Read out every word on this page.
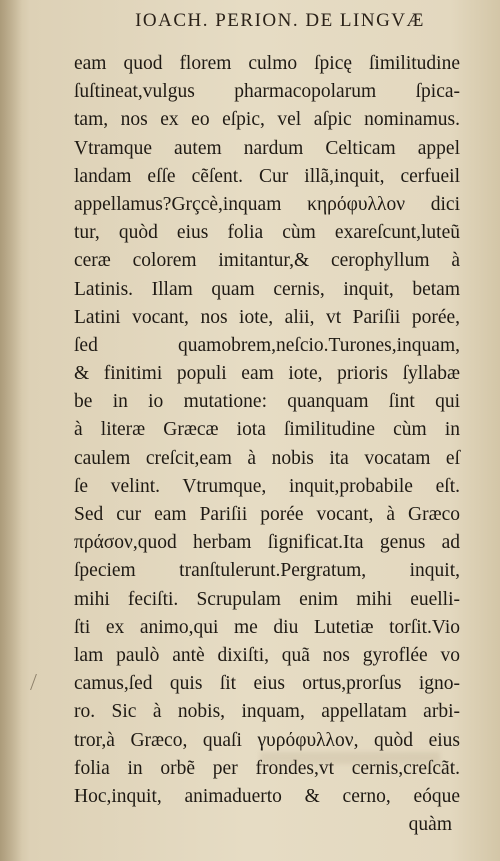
IOACH. PERION. DE LINGVÆ
eam quod florem culmo ſpicę ſimilitudine
ſuſtineat,vulgus pharmacopolarum ſpica-
tam, nos ex eo eſpic, vel aſpic nominamus.
Vtramque autem nardum Celticam appel
landam eſſe cẽſent. Cur illã,inquit, cerfueil
appellamus?Grçcè,inquam κηρόφυλλον dici
tur, quòd eius folia cùm exareſcunt,luteũ
ceræ colorem imitantur,& cerophyllum à
Latinis. Illam quam cernis, inquit, betam
Latini vocant, nos iote, alii, vt Pariſii porée,
ſed quamobrem,neſcio.Turones,inquam,
& finitimi populi eam iote, prioris ſyllabæ
be in io mutatione: quanquam ſint qui
à literæ Græcæ iota ſimilitudine cùm in
caulem creſcit,eam à nobis ita vocatam eſ
ſe velint. Vtrumque, inquit,probabile eſt.
Sed cur eam Pariſii porée vocant, à Græco
πράσον,quod herbam ſignificat.Ita genus ad
ſpeciem tranſtulerunt.Pergratum, inquit,
mihi feciſti. Scrupulam enim mihi euelli-
ſti ex animo,qui me diu Lutetiæ torſit.Vio
lam paulò antè dixiſti, quã nos gyroflée vo
camus,ſed quis ſit eius ortus,prorſus igno-
ro. Sic à nobis, inquam, appellatam arbi-
tror,à Græco, quaſi γυρόφυλλον, quòd eius
folia in orbẽ per frondes,vt cernis,creſcãt.
Hoc,inquit, animaduerto & cerno, eóque
quàm
